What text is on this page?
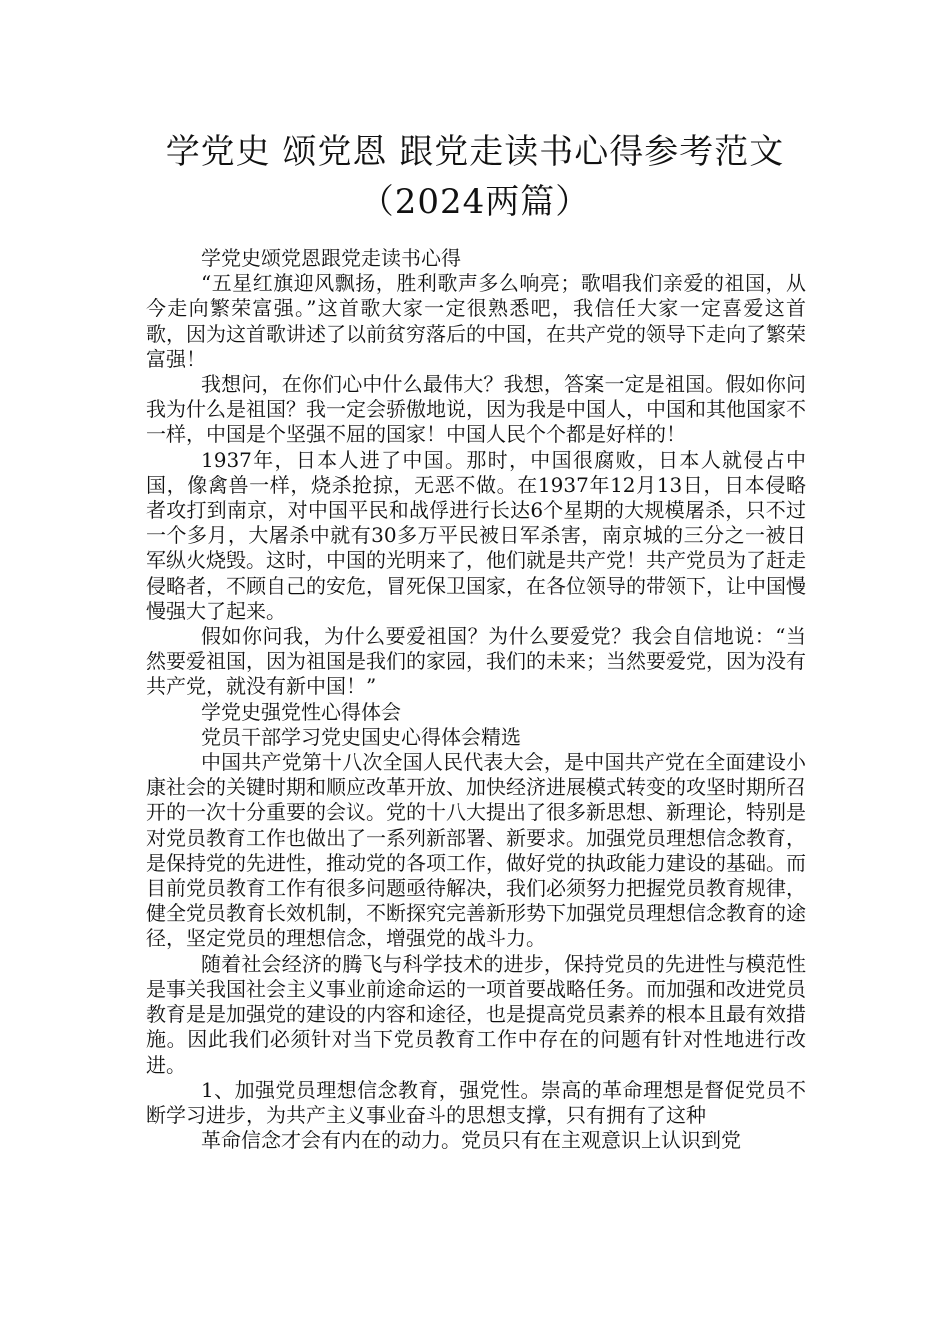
学党史 颂党恩 跟党走读书心得参考范文
（2024两篇）

学党史颂党恩跟党走读书心得

“五星红旗迎风飘扬，胜利歌声多么响亮；歌唱我们亲爱的祖国，从今走向繁荣富强。”这首歌大家一定很熟悉吧，我信任大家一定喜爱这首歌，因为这首歌讲述了以前贫穷落后的中国，在共产党的领导下走向了繁荣富强！

我想问，在你们心中什么最伟大？我想，答案一定是祖国。假如你问我为什么是祖国？我一定会骄傲地说，因为我是中国人，中国和其他国家不一样，中国是个坚强不屈的国家！中国人民个个都是好样的！

1937年，日本人进了中国。那时，中国很腐败，日本人就侵占中国，像禽兽一样，烧杀抢掠，无恶不做。在1937年12月13日，日本侵略者攻打到南京，对中国平民和战俘进行长达6个星期的大规模屠杀，只不过一个多月，大屠杀中就有30多万平民被日军杀害，南京城的三分之一被日军纵火烧毁。这时，中国的光明来了，他们就是共产党！共产党员为了赶走侵略者，不顾自己的安危，冒死保卫国家，在各位领导的带领下，让中国慢慢强大了起来。

假如你问我，为什么要爱祖国？为什么要爱党？我会自信地说：“当然要爱祖国，因为祖国是我们的家园，我们的未来；当然要爱党，因为没有共产党，就没有新中国！”

学党史强党性心得体会

党员干部学习党史国史心得体会精选

中国共产党第十八次全国人民代表大会，是中国共产党在全面建设小康社会的关键时期和顺应改革开放、加快经济进展模式转变的攻坚时期所召开的一次十分重要的会议。党的十八大提出了很多新思想、新理论，特别是对党员教育工作也做出了一系列新部署、新要求。加强党员理想信念教育，是保持党的先进性，推动党的各项工作，做好党的执政能力建设的基础。而目前党员教育工作有很多问题亟待解决，我们必须努力把握党员教育规律，健全党员教育长效机制，不断探究完善新形势下加强党员理想信念教育的途径，坚定党员的理想信念，增强党的战斗力。

随着社会经济的腾飞与科学技术的进步，保持党员的先进性与模范性是事关我国社会主义事业前途命运的一项首要战略任务。而加强和改进党员教育是是加强党的建设的内容和途径，也是提高党员素养的根本且最有效措施。因此我们必须针对当下党员教育工作中存在的问题有针对性地进行改进。

1、加强党员理想信念教育，强党性。崇高的革命理想是督促党员不断学习进步，为共产主义事业奋斗的思想支撑，只有拥有了这种

革命信念才会有内在的动力。党员只有在主观意识上认识到党
